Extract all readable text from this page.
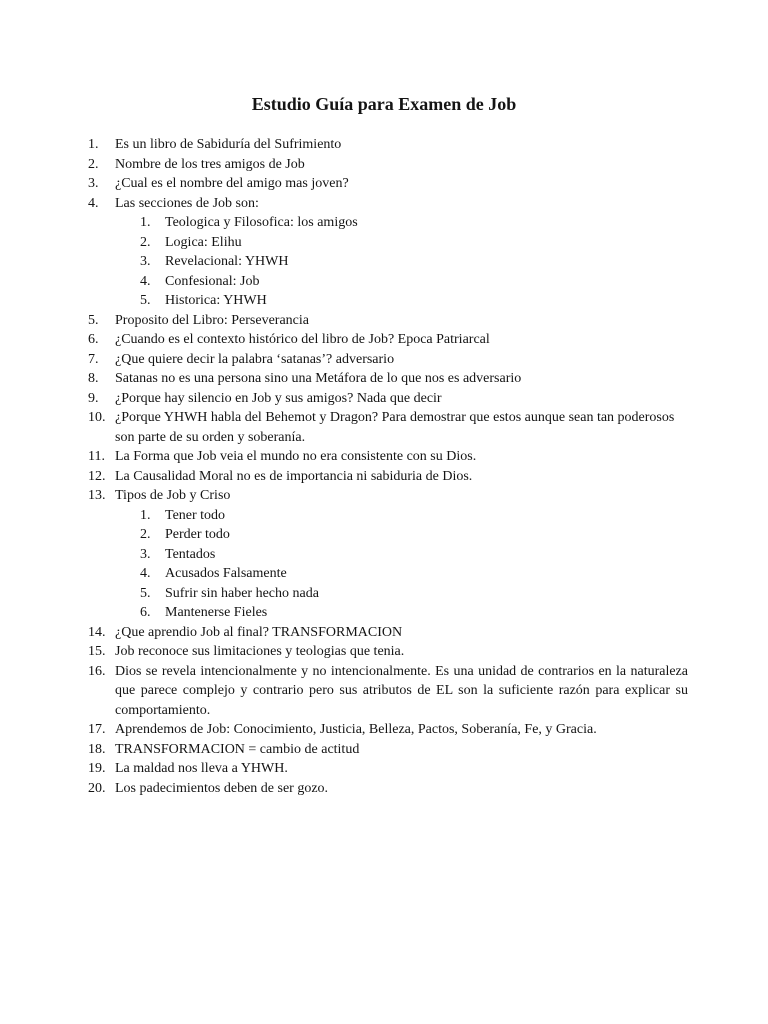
Estudio Guía para Examen de Job
1. Es un libro de Sabiduría del Sufrimiento
2. Nombre de los tres amigos de Job
3. ¿Cual es el nombre del amigo mas joven?
4. Las secciones de Job son:
1. Teologica y Filosofica: los amigos
2. Logica: Elihu
3. Revelacional: YHWH
4. Confesional: Job
5. Historica: YHWH
5. Proposito del Libro: Perseverancia
6. ¿Cuando es el contexto histórico del libro de Job? Epoca Patriarcal
7. ¿Que quiere decir la palabra ‘satanas’? adversario
8. Satanas no es una persona sino una Metáfora de lo que nos es adversario
9. ¿Porque hay silencio en Job y sus amigos? Nada que decir
10. ¿Porque YHWH habla del Behemot y Dragon? Para demostrar que estos aunque sean tan poderosos son parte de su orden y soberanía.
11. La Forma que Job veia el mundo no era consistente con su Dios.
12. La Causalidad Moral no es de importancia ni sabiduria de Dios.
13. Tipos de Job y Criso
1. Tener todo
2. Perder todo
3. Tentados
4. Acusados Falsamente
5. Sufrir sin haber hecho nada
6. Mantenerse Fieles
14. ¿Que aprendio Job al final? TRANSFORMACION
15. Job reconoce sus limitaciones y teologias que tenia.
16. Dios se revela intencionalmente y no intencionalmente. Es una unidad de contrarios en la naturaleza que parece complejo y contrario pero sus atributos de EL son la suficiente razón para explicar su comportamiento.
17. Aprendemos de Job: Conocimiento, Justicia, Belleza, Pactos, Soberanía, Fe, y Gracia.
18. TRANSFORMACION = cambio de actitud
19. La maldad nos lleva a YHWH.
20. Los padecimientos deben de ser gozo.
